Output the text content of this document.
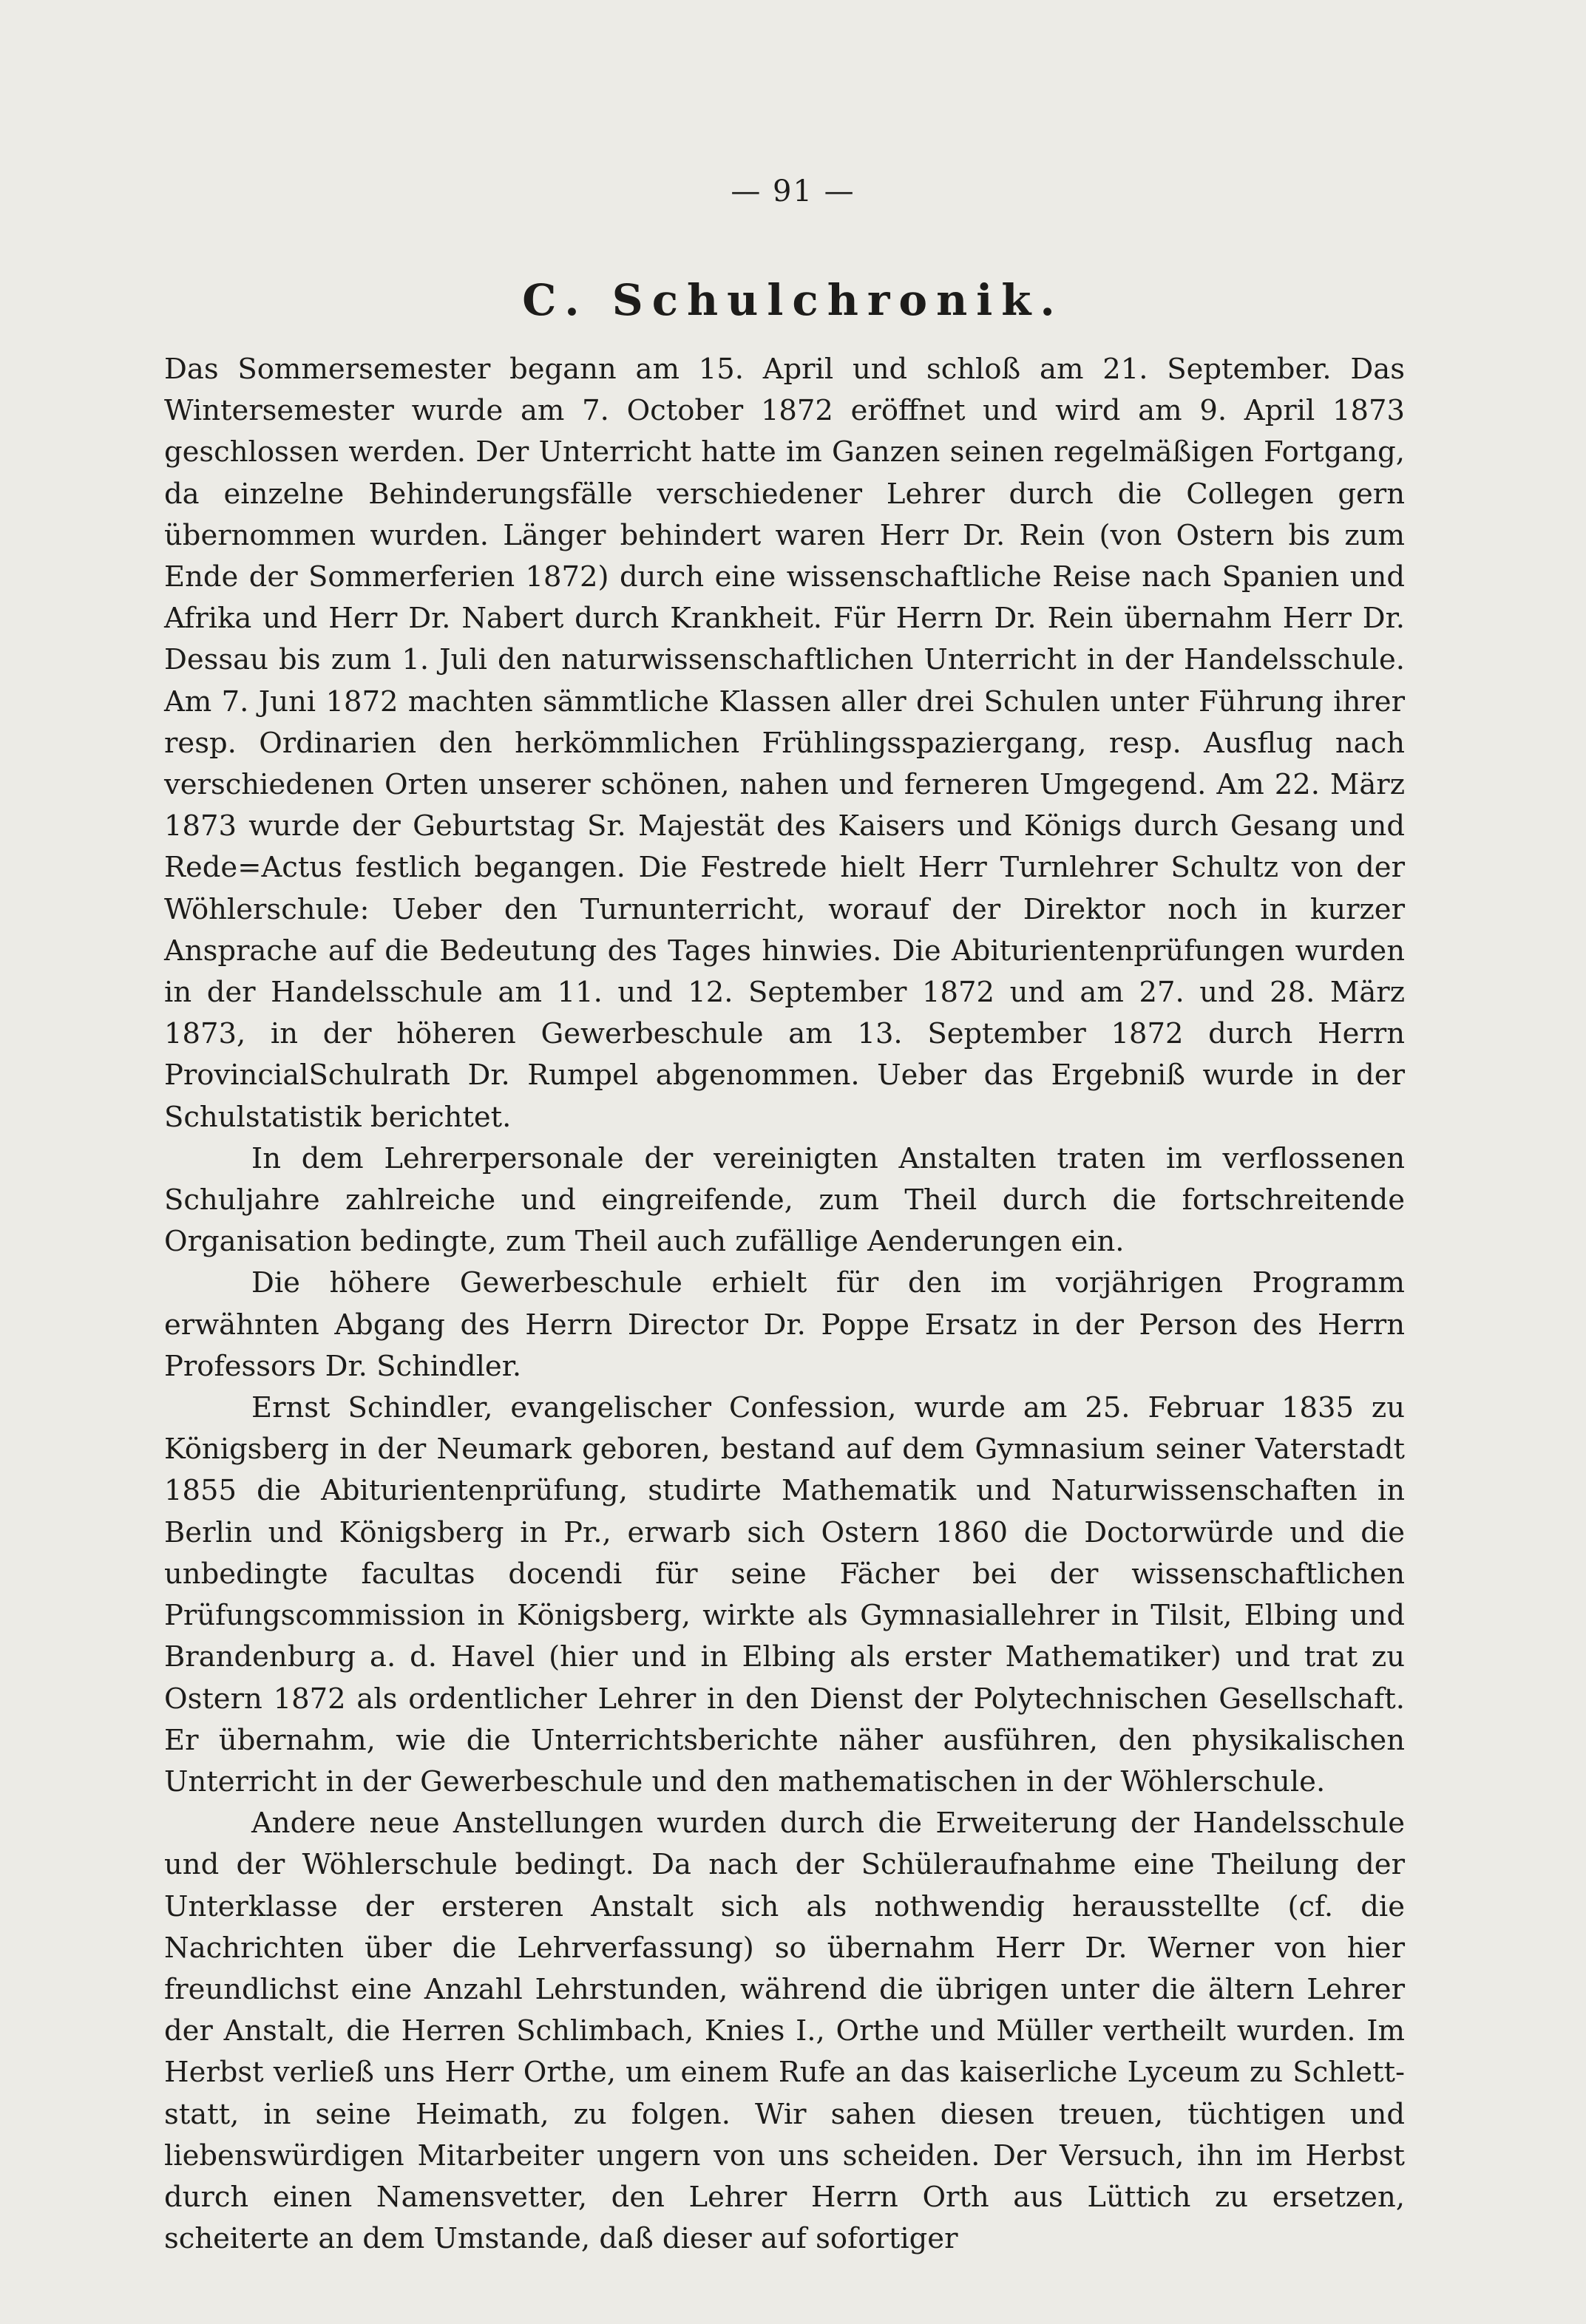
— 91 —
C. Schulchronik.

Das Sommersemester begann am 15. April und schloß am 21. September. Das Wintersemester wurde am 7. October 1872 eröffnet und wird am 9. April 1873 geschlossen werden. Der Unterricht hatte im Ganzen seinen regelmäßigen Fortgang, da einzelne Behinderungsfälle verschiedener Lehrer durch die Collegen gern übernommen wurden. Länger behindert waren Herr Dr. Rein (von Ostern bis zum Ende der Sommerferien 1872) durch eine wissenschaftliche Reise nach Spanien und Afrika und Herr Dr. Nabert durch Krankheit. Für Herrn Dr. Rein übernahm Herr Dr. Dessau bis zum 1. Juli den naturwissenschaftlichen Unterricht in der Handelsschule. Am 7. Juni 1872 machten sämmtliche Klassen aller drei Schulen unter Führung ihrer resp. Ordinarien den herkömmlichen Frühlingsspaziergang, resp. Ausflug nach verschiedenen Orten unserer schönen, nahen und ferneren Umgegend. Am 22. März 1873 wurde der Geburtstag Sr. Majestät des Kaisers und Königs durch Gesang und Rede=Actus festlich begangen. Die Festrede hielt Herr Turnlehrer Schultz von der Wöhlerschule: Ueber den Turnunterricht, worauf der Direktor noch in kurzer Ansprache auf die Bedeutung des Tages hinwies. Die Abiturientenprüfungen wurden in der Handelsschule am 11. und 12. September 1872 und am 27. und 28. März 1873, in der höheren Gewerbeschule am 13. September 1872 durch Herrn ProvincialSchulrath Dr. Rumpel abgenommen. Ueber das Ergebniß wurde in der Schulstatistik berichtet.

In dem Lehrerpersonale der vereinigten Anstalten traten im verflossenen Schuljahre zahlreiche und eingreifende, zum Theil durch die fortschreitende Organisation bedingte, zum Theil auch zufällige Aenderungen ein.

Die höhere Gewerbeschule erhielt für den im vorjährigen Programm erwähnten Abgang des Herrn Director Dr. Poppe Ersatz in der Person des Herrn Professors Dr. Schindler.

Ernst Schindler, evangelischer Confession, wurde am 25. Februar 1835 zu Königsberg in der Neumark geboren, bestand auf dem Gymnasium seiner Vaterstadt 1855 die Abiturientenprüfung, studirte Mathematik und Naturwissenschaften in Berlin und Königsberg in Pr., erwarb sich Ostern 1860 die Doctorwürde und die unbedingte facultas docendi für seine Fächer bei der wissenschaftlichen Prüfungscommission in Königsberg, wirkte als Gymnasiallehrer in Tilsit, Elbing und Brandenburg a. d. Havel (hier und in Elbing als erster Mathematiker) und trat zu Ostern 1872 als ordentlicher Lehrer in den Dienst der Polytechnischen Gesellschaft. Er übernahm, wie die Unterrichtsberichte näher ausführen, den physikalischen Unterricht in der Gewerbeschule und den mathematischen in der Wöhlerschule.

Andere neue Anstellungen wurden durch die Erweiterung der Handelsschule und der Wöhlerschule bedingt. Da nach der Schüleraufnahme eine Theilung der Unterklasse der ersteren Anstalt sich als nothwendig herausstellte (cf. die Nachrichten über die Lehrverfassung) so übernahm Herr Dr. Werner von hier freundlichst eine Anzahl Lehrstunden, während die übrigen unter die ältern Lehrer der Anstalt, die Herren Schlimbach, Knies I., Orthe und Müller vertheilt wurden. Im Herbst verließ uns Herr Orthe, um einem Rufe an das kaiserliche Lyceum zu Schlettstatt, in seine Heimath, zu folgen. Wir sahen diesen treuen, tüchtigen und liebenswürdigen Mitarbeiter ungern von uns scheiden. Der Versuch, ihn im Herbst durch einen Namensvetter, den Lehrer Herrn Orth aus Lüttich zu ersetzen, scheiterte an dem Umstande, daß dieser auf sofortiger
